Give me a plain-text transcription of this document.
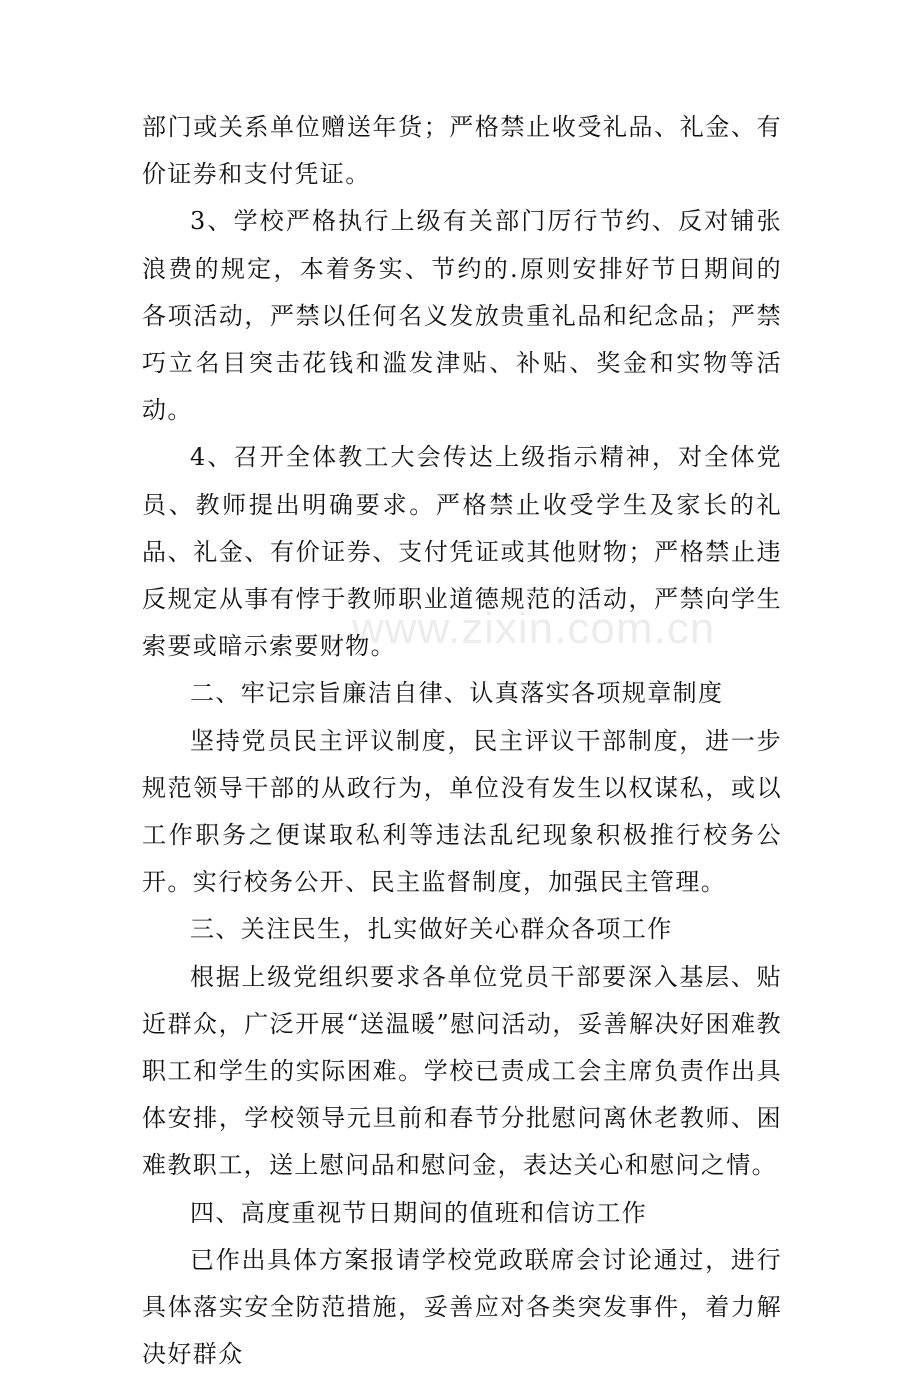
部门或关系单位赠送年货；严格禁止收受礼品、礼金、有价证券和支付凭证。

3、学校严格执行上级有关部门厉行节约、反对铺张浪费的规定，本着务实、节约的.原则安排好节日期间的各项活动，严禁以任何名义发放贵重礼品和纪念品；严禁巧立名目突击花钱和滥发津贴、补贴、奖金和实物等活动。

4、召开全体教工大会传达上级指示精神，对全体党员、教师提出明确要求。严格禁止收受学生及家长的礼品、礼金、有价证券、支付凭证或其他财物；严格禁止违反规定从事有悖于教师职业道德规范的活动，严禁向学生索要或暗示索要财物。

二、牢记宗旨廉洁自律、认真落实各项规章制度

坚持党员民主评议制度，民主评议干部制度，进一步规范领导干部的从政行为，单位没有发生以权谋私，或以工作职务之便谋取私利等违法乱纪现象积极推行校务公开。实行校务公开、民主监督制度，加强民主管理。

三、关注民生，扎实做好关心群众各项工作

根据上级党组织要求各单位党员干部要深入基层、贴近群众，广泛开展“送温暖”慰问活动，妥善解决好困难教职工和学生的实际困难。学校已责成工会主席负责作出具体安排，学校领导元旦前和春节分批慰问离休老教师、困难教职工，送上慰问品和慰问金，表达关心和慰问之情。

四、高度重视节日期间的值班和信访工作

已作出具体方案报请学校党政联席会讨论通过，进行具体落实安全防范措施，妥善应对各类突发事件，着力解决好群众

www.zixin.com.cn
